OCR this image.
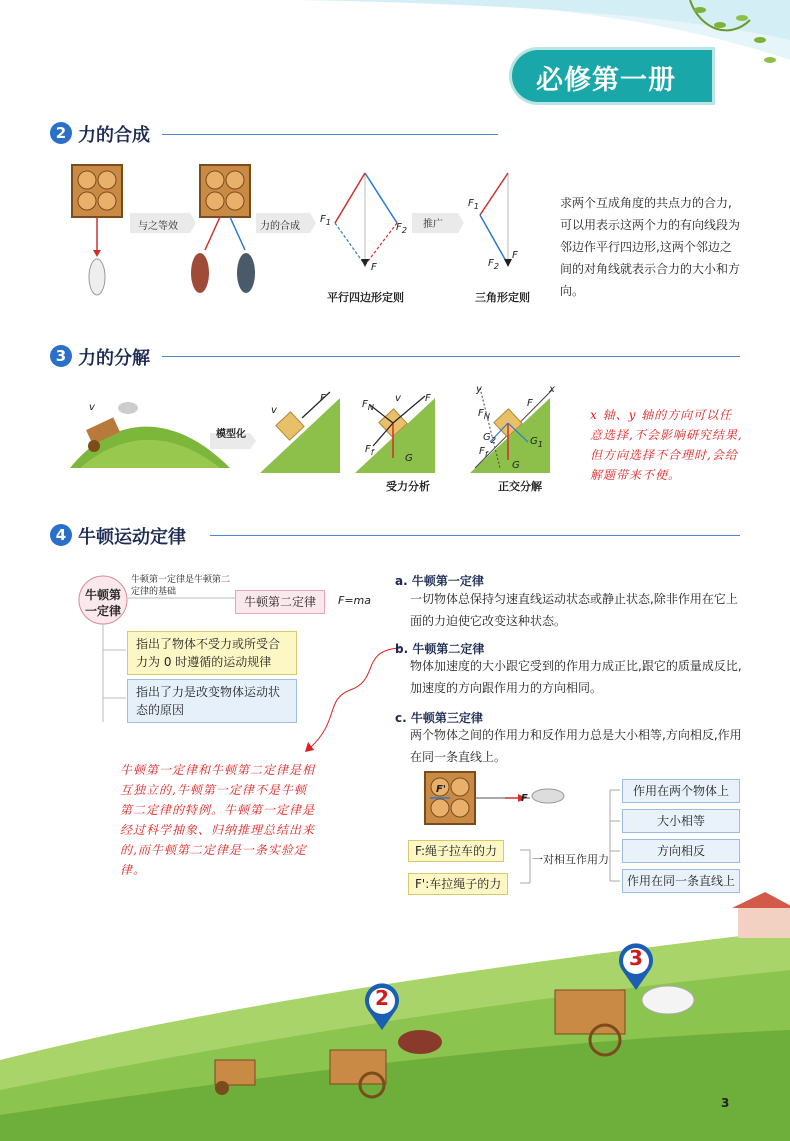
必修第一册
2 力的合成
与之等效	力的合成	推广
$F_1$	$F_2$
F
$F_1$
$F_2$
F
平行四边形定则	三角形定则
求两个互成角度的共点力的合力,可以用表示这两个力的有向线段为邻边作平行四边形,这两个邻边之间的对角线就表示合力的大小和方向。
3 力的分解
模型化
v	v
F
$F_N$
v F
$F_f$
G
y	x
$F_N$
F
$G_2$	$G_1$
$F_f$
G
受力分析	正交分解
x 轴、y 轴的方向可以任意选择,不会影响研究结果,但方向选择不合理时,会给解题带来不便。
4 牛顿运动定律
牛顿第一定律
牛顿第一定律是牛顿第二定律的基础
牛顿第二定律	F=ma
指出了物体不受力或所受合力为 0 时遵循的运动规律
指出了力是改变物体运动状态的原因
牛顿第一定律和牛顿第二定律是相互独立的,牛顿第一定律不是牛顿第二定律的特例。牛顿第一定律是经过科学抽象、归纳推理总结出来的,而牛顿第二定律是一条实验定律。
a. 牛顿第一定律
一切物体总保持匀速直线运动状态或静止状态,除非作用在它上面的力迫使它改变这种状态。
b. 牛顿第二定律
物体加速度的大小跟它受到的作用力成正比,跟它的质量成反比,加速度的方向跟作用力的方向相同。
c. 牛顿第三定律
两个物体之间的作用力和反作用力总是大小相等,方向相反,作用在同一条直线上。
F'
F
F:绳子拉车的力
F':车拉绳子的力
一对相互作用力
作用在两个物体上
大小相等
方向相反
作用在同一条直线上
2
3
3
